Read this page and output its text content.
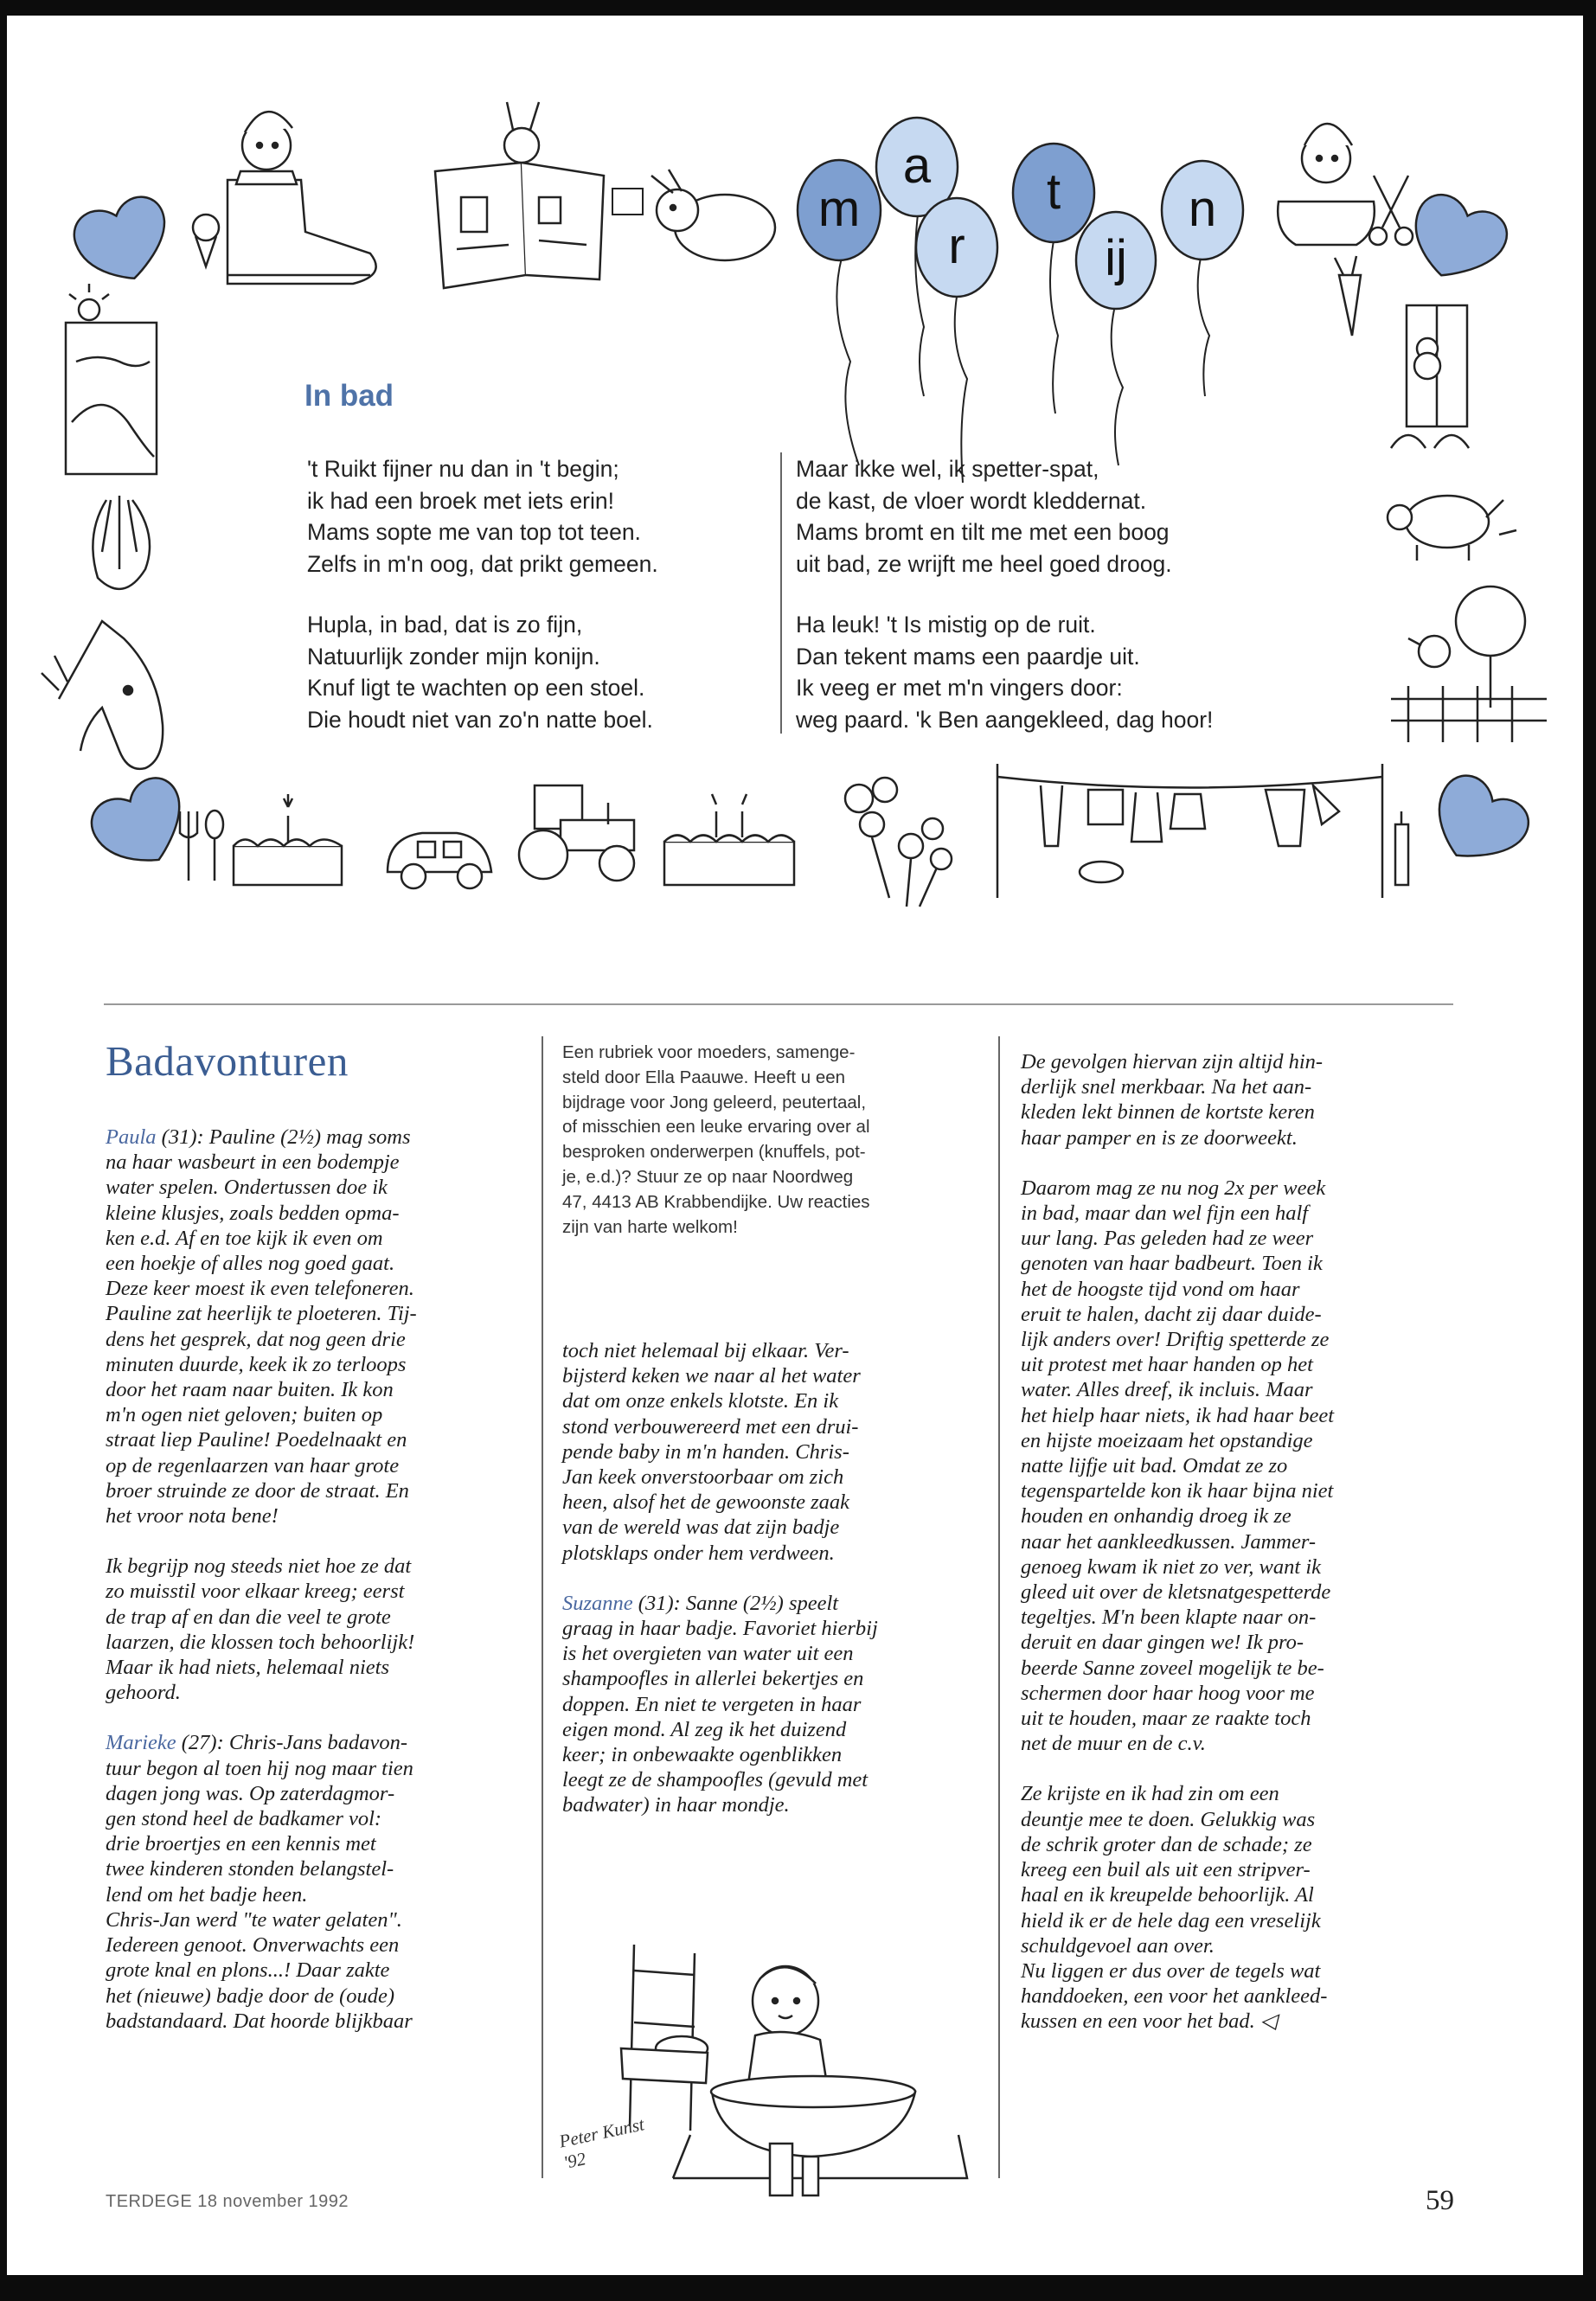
m
a
r
t
ij
n
In bad
't Ruikt fijner nu dan in 't begin;
ik had een broek met iets erin!
Mams sopte me van top tot teen.
Zelfs in m'n oog, dat prikt gemeen.
Hupla, in bad, dat is zo fijn,
Natuurlijk zonder mijn konijn.
Knuf ligt te wachten op een stoel.
Die houdt niet van zo'n natte boel.
Maar ikke wel, ik spetter-spat,
de kast, de vloer wordt kleddernat.
Mams bromt en tilt me met een boog
uit bad, ze wrijft me heel goed droog.
Ha leuk! 't Is mistig op de ruit.
Dan tekent mams een paardje uit.
Ik veeg er met m'n vingers door:
weg paard. 'k Ben aangekleed, dag hoor!
Badavonturen

Paula (31): Pauline (2½) mag soms
na haar wasbeurt in een bodempje
water spelen. Ondertussen doe ik
kleine klusjes, zoals bedden opma-
ken e.d. Af en toe kijk ik even om
een hoekje of alles nog goed gaat.
Deze keer moest ik even telefoneren.
Pauline zat heerlijk te ploeteren. Tij-
dens het gesprek, dat nog geen drie
minuten duurde, keek ik zo terloops
door het raam naar buiten. Ik kon
m'n ogen niet geloven; buiten op
straat liep Pauline! Poedelnaakt en
op de regenlaarzen van haar grote
broer struinde ze door de straat. En
het vroor nota bene!

Ik begrijp nog steeds niet hoe ze dat
zo muisstil voor elkaar kreeg; eerst
de trap af en dan die veel te grote
laarzen, die klossen toch behoorlijk!
Maar ik had niets, helemaal niets
gehoord.

Marieke (27): Chris-Jans badavon-
tuur begon al toen hij nog maar tien
dagen jong was. Op zaterdagmor-
gen stond heel de badkamer vol:
drie broertjes en een kennis met
twee kinderen stonden belangstel-
lend om het badje heen.
Chris-Jan werd "te water gelaten".
Iedereen genoot. Onverwachts een
grote knal en plons...! Daar zakte
het (nieuwe) badje door de (oude)
badstandaard. Dat hoorde blijkbaar

Een rubriek voor moeders, samenge-
steld door Ella Paauwe. Heeft u een
bijdrage voor Jong geleerd, peutertaal,
of misschien een leuke ervaring over al
besproken onderwerpen (knuffels, pot-
je, e.d.)? Stuur ze op naar Noordweg
47, 4413 AB Krabbendijke. Uw reacties
zijn van harte welkom!

toch niet helemaal bij elkaar. Ver-
bijsterd keken we naar al het water
dat om onze enkels klotste. En ik
stond verbouwereerd met een drui-
pende baby in m'n handen. Chris-
Jan keek onverstoorbaar om zich
heen, alsof het de gewoonste zaak
van de wereld was dat zijn badje
plotsklaps onder hem verdween.

Suzanne (31): Sanne (2½) speelt
graag in haar badje. Favoriet hierbij
is het overgieten van water uit een
shampoofles in allerlei bekertjes en
doppen. En niet te vergeten in haar
eigen mond. Al zeg ik het duizend
keer; in onbewaakte ogenblikken
leegt ze de shampoofles (gevuld met
badwater) in haar mondje.

Peter Kunst '92

De gevolgen hiervan zijn altijd hin-
derlijk snel merkbaar. Na het aan-
kleden lekt binnen de kortste keren
haar pamper en is ze doorweekt.

Daarom mag ze nu nog 2x per week
in bad, maar dan wel fijn een half
uur lang. Pas geleden had ze weer
genoten van haar badbeurt. Toen ik
het de hoogste tijd vond om haar
eruit te halen, dacht zij daar duide-
lijk anders over! Driftig spetterde ze
uit protest met haar handen op het
water. Alles dreef, ik incluis. Maar
het hielp haar niets, ik had haar beet
en hijste moeizaam het opstandige
natte lijfje uit bad. Omdat ze zo
tegenspartelde kon ik haar bijna niet
houden en onhandig droeg ik ze
naar het aankleedkussen. Jammer-
genoeg kwam ik niet zo ver, want ik
gleed uit over de kletsnatgespetterde
tegeltjes. M'n been klapte naar on-
deruit en daar gingen we! Ik pro-
beerde Sanne zoveel mogelijk te be-
schermen door haar hoog voor me
uit te houden, maar ze raakte toch
net de muur en de c.v.

Ze krijste en ik had zin om een
deuntje mee te doen. Gelukkig was
de schrik groter dan de schade; ze
kreeg een buil als uit een stripver-
haal en ik kreupelde behoorlijk. Al
hield ik er de hele dag een vreselijk
schuldgevoel aan over.
Nu liggen er dus over de tegels wat
handdoeken, een voor het aankleed-
kussen en een voor het bad. ◁

TERDEGE 18 november 1992	59
